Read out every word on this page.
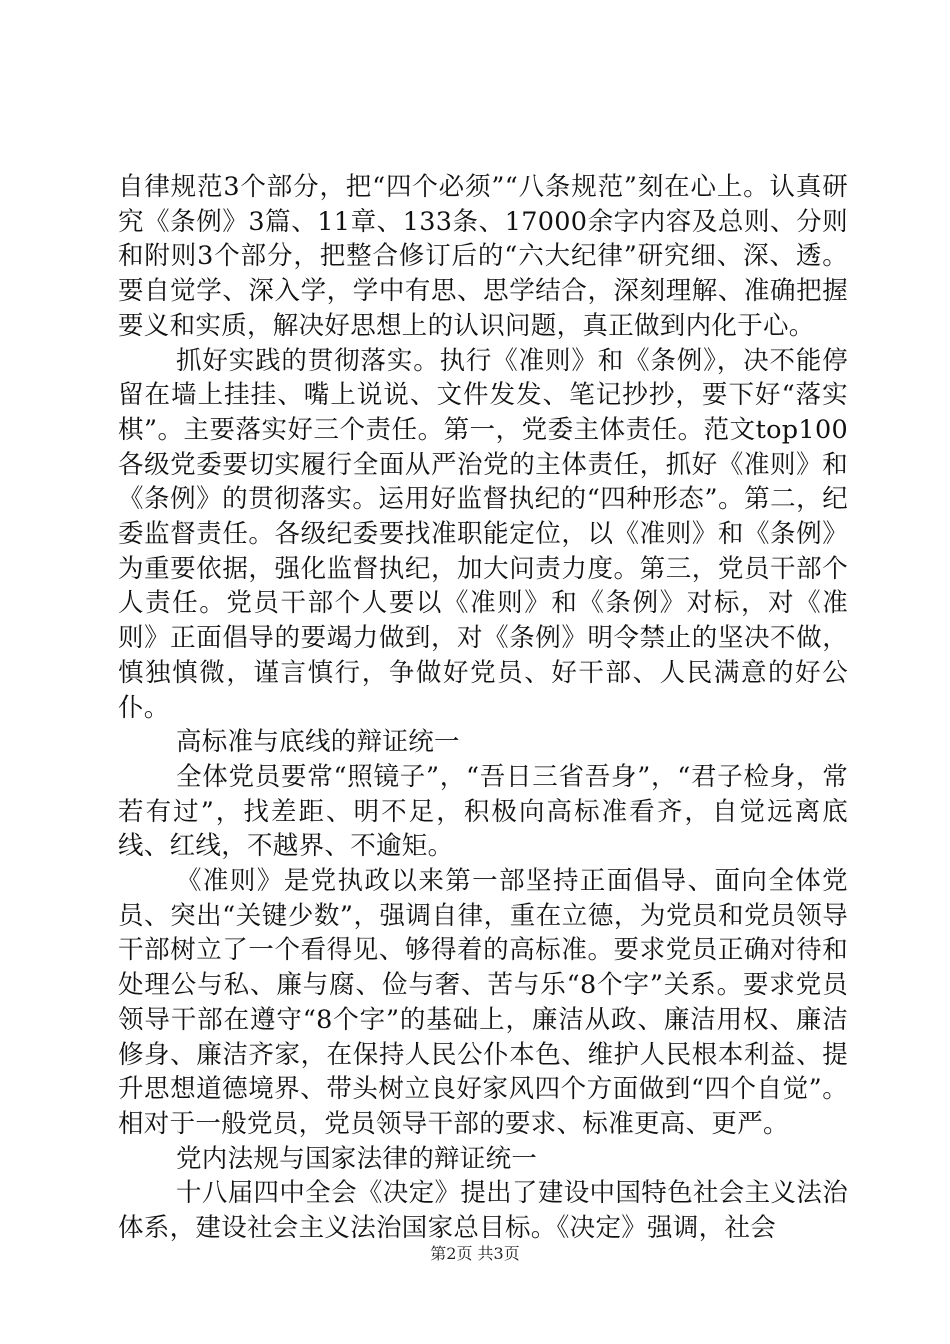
自律规范3个部分，把“四个必须”“八条规范”刻在心上。认真研究《条例》3篇、11章、133条、17000余字内容及总则、分则和附则3个部分，把整合修订后的“六大纪律”研究细、深、透。要自觉学、深入学，学中有思、思学结合，深刻理解、准确把握要义和实质，解决好思想上的认识问题，真正做到内化于心。

抓好实践的贯彻落实。执行《准则》和《条例》，决不能停留在墙上挂挂、嘴上说说、文件发发、笔记抄抄，要下好“落实棋”。主要落实好三个责任。第一，党委主体责任。范文top100各级党委要切实履行全面从严治党的主体责任，抓好《准则》和《条例》的贯彻落实。运用好监督执纪的“四种形态”。第二，纪委监督责任。各级纪委要找准职能定位，以《准则》和《条例》为重要依据，强化监督执纪，加大问责力度。第三，党员干部个人责任。党员干部个人要以《准则》和《条例》对标，对《准则》正面倡导的要竭力做到，对《条例》明令禁止的坚决不做，慎独慎微，谨言慎行，争做好党员、好干部、人民满意的好公仆。

高标准与底线的辩证统一

全体党员要常“照镜子”，“吾日三省吾身”，“君子检身，常若有过”，找差距、明不足，积极向高标准看齐，自觉远离底线、红线，不越界、不逾矩。

《准则》是党执政以来第一部坚持正面倡导、面向全体党员、突出“关键少数”，强调自律，重在立德，为党员和党员领导干部树立了一个看得见、够得着的高标准。要求党员正确对待和处理公与私、廉与腐、俭与奢、苦与乐“8个字”关系。要求党员领导干部在遵守“8个字”的基础上，廉洁从政、廉洁用权、廉洁修身、廉洁齐家，在保持人民公仆本色、维护人民根本利益、提升思想道德境界、带头树立良好家风四个方面做到“四个自觉”。相对于一般党员，党员领导干部的要求、标准更高、更严。

党内法规与国家法律的辩证统一

十八届四中全会《决定》提出了建设中国特色社会主义法治体系，建设社会主义法治国家总目标。《决定》强调，社会

第2页 共3页
